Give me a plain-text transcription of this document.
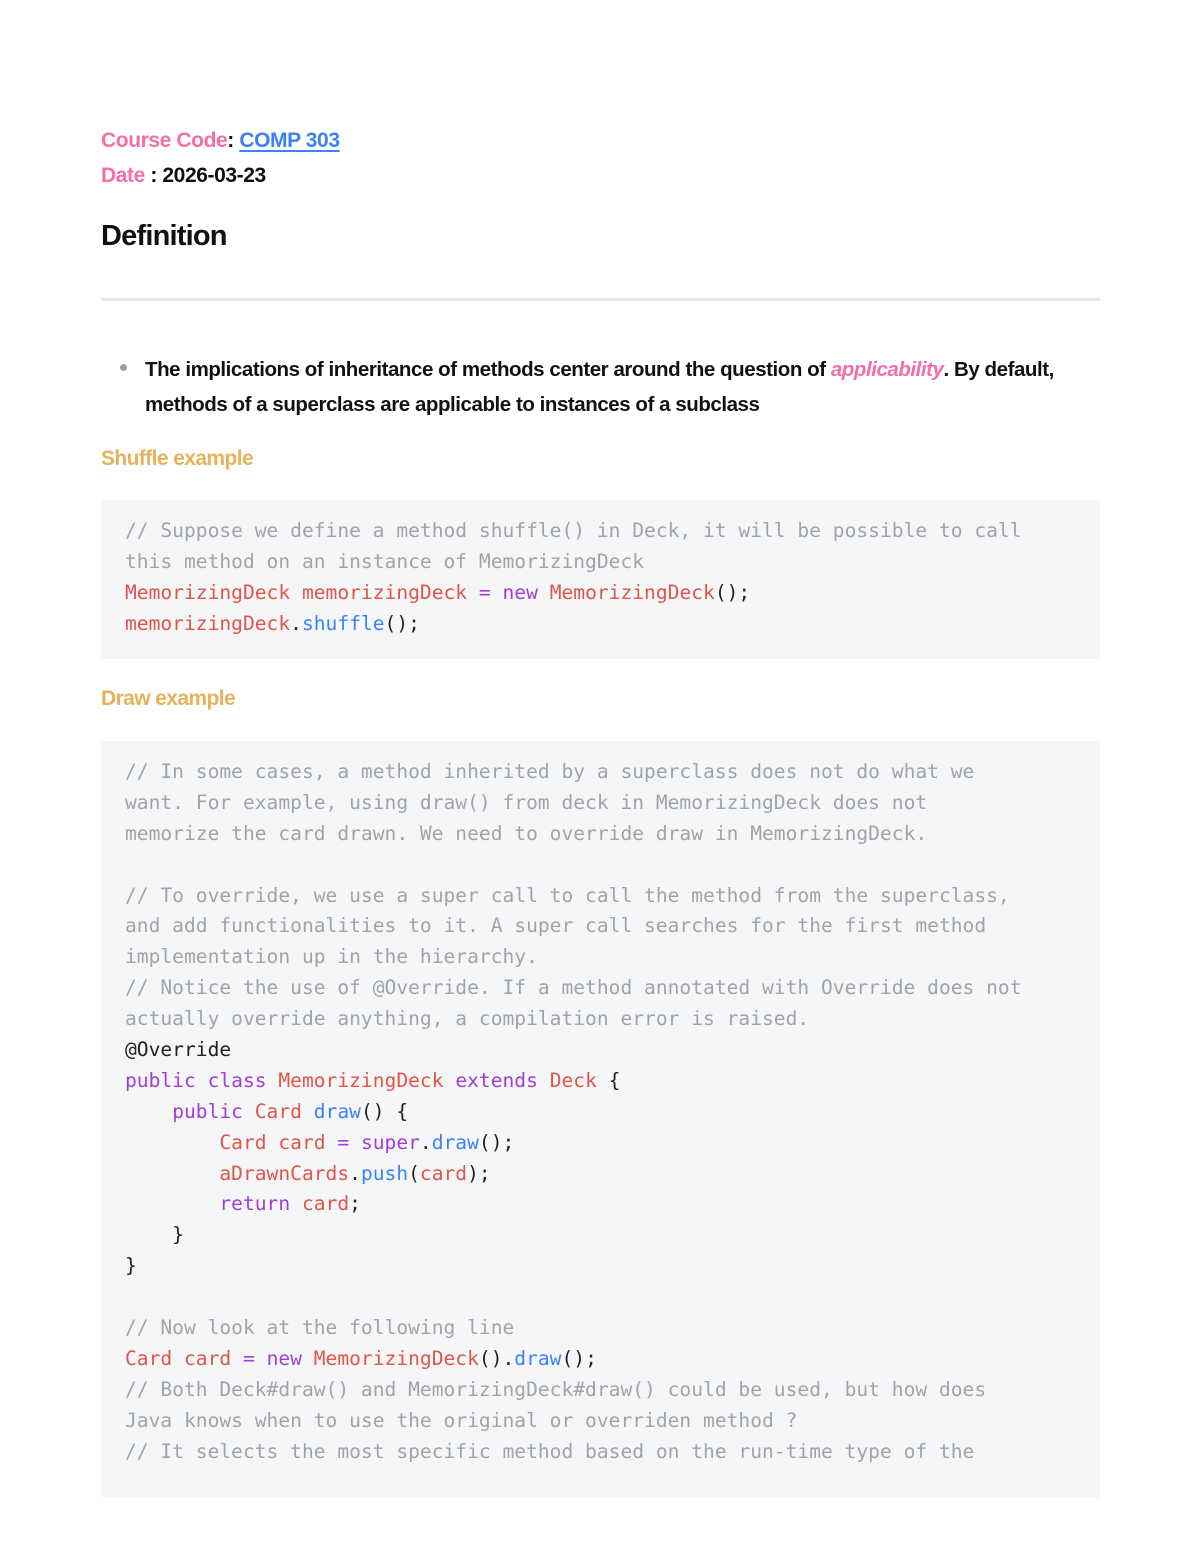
Course Code: COMP 303
Date : 2026-03-23
Definition
The implications of inheritance of methods center around the question of applicability. By default, methods of a superclass are applicable to instances of a subclass
Shuffle example
// Suppose we define a method shuffle() in Deck, it will be possible to call
this method on an instance of MemorizingDeck
MemorizingDeck memorizingDeck = new MemorizingDeck();
memorizingDeck.shuffle();
Draw example
// In some cases, a method inherited by a superclass does not do what we
want. For example, using draw() from deck in MemorizingDeck does not
memorize the card drawn. We need to override draw in MemorizingDeck.

// To override, we use a super call to call the method from the superclass,
and add functionalities to it. A super call searches for the first method
implementation up in the hierarchy.
// Notice the use of @Override. If a method annotated with Override does not
actually override anything, a compilation error is raised.
@Override
public class MemorizingDeck extends Deck {
public Card draw() {
Card card = super.draw();
aDrawnCards.push(card);
return card;
}
}

// Now look at the following line
Card card = new MemorizingDeck().draw();
// Both Deck#draw() and MemorizingDeck#draw() could be used, but how does
Java knows when to use the original or overriden method ?
// It selects the most specific method based on the run-time type of the
